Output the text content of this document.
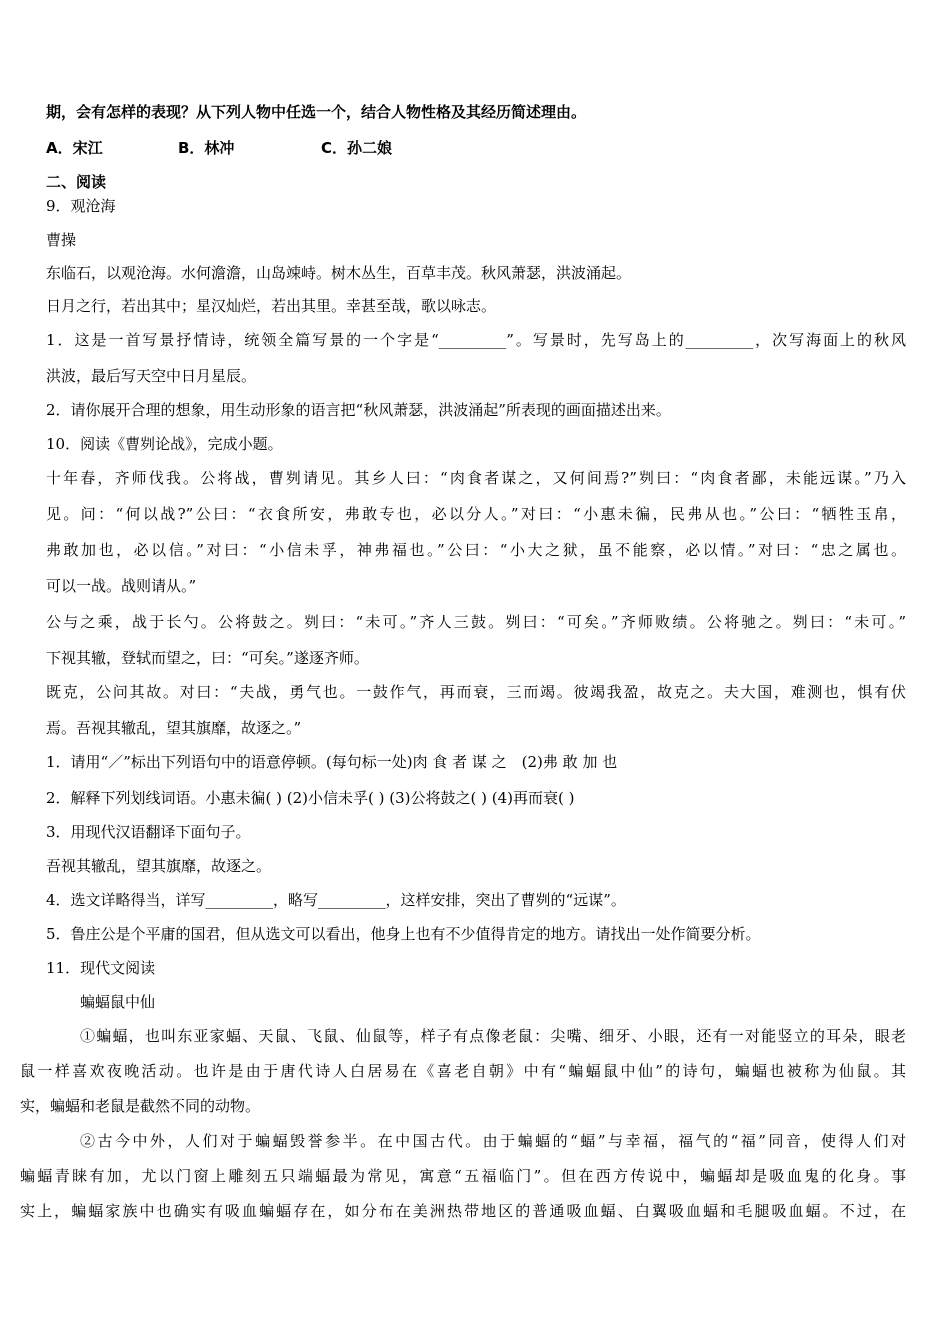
期，会有怎样的表现？从下列人物中任选一个，结合人物性格及其经历简述理由。
A．宋江	B．林冲	C．孙二娘
二、阅读
9．观沧海
曹操
东临石，以观沧海。水何澹澹，山岛竦峙。树木丛生，百草丰茂。秋风萧瑟，洪波涌起。
日月之行，若出其中；星汉灿烂，若出其里。幸甚至哉，歌以咏志。
1．这是一首写景抒情诗，统领全篇写景的一个字是“_________”。写景时，先写岛上的_________，次写海面上的秋风
洪波，最后写天空中日月星辰。
2．请你展开合理的想象，用生动形象的语言把“秋风萧瑟，洪波涌起”所表现的画面描述出来。
10．阅读《曹刿论战》，完成小题。
十年春，齐师伐我。公将战，曹刿请见。其乡人曰：“肉食者谋之，又何间焉?”刿曰：“肉食者鄙，未能远谋。”乃入
见。问：“何以战?”公曰：“衣食所安，弗敢专也，必以分人。”对曰：“小惠未徧，民弗从也。”公曰：“牺牲玉帛，
弗敢加也，必以信。”对曰：“小信未孚，神弗福也。”公曰：“小大之狱，虽不能察，必以情。”对曰：“忠之属也。
可以一战。战则请从。”
公与之乘，战于长勺。公将鼓之。刿曰：“未可。”齐人三鼓。刿曰：“可矣。”齐师败绩。公将驰之。刿曰：“未可。”
下视其辙，登轼而望之，曰：“可矣。”遂逐齐师。
既克，公问其故。对曰：“夫战，勇气也。一鼓作气，再而衰，三而竭。彼竭我盈，故克之。夫大国，难测也，惧有伏
焉。吾视其辙乱，望其旗靡，故逐之。”
1．请用“／”标出下列语句中的语意停顿。(每句标一处)肉 食 者 谋 之　(2)弗 敢 加 也
2．解释下列划线词语。小惠未徧( ) (2)小信未孚( ) (3)公将鼓之( ) (4)再而衰( )
3．用现代汉语翻译下面句子。
吾视其辙乱，望其旗靡，故逐之。
4．选文详略得当，详写_________，略写_________，这样安排，突出了曹刿的“远谋”。
5．鲁庄公是个平庸的国君，但从选文可以看出，他身上也有不少值得肯定的地方。请找出一处作简要分析。
11．现代文阅读
蝙蝠鼠中仙
①蝙蝠，也叫东亚家蝠、天鼠、飞鼠、仙鼠等，样子有点像老鼠：尖嘴、细牙、小眼，还有一对能竖立的耳朵，眼老
鼠一样喜欢夜晚活动。也许是由于唐代诗人白居易在《喜老自朝》中有“蝙蝠鼠中仙”的诗句，蝙蝠也被称为仙鼠。其
实，蝙蝠和老鼠是截然不同的动物。
②古今中外，人们对于蝙蝠毁誉参半。在中国古代。由于蝙蝠的“蝠”与幸福，福气的“福”同音，使得人们对
蝙蝠青睐有加，尤以门窗上雕刻五只端蝠最为常见，寓意“五福临门”。但在西方传说中，蝙蝠却是吸血鬼的化身。事
实上，蝙蝠家族中也确实有吸血蝙蝠存在，如分布在美洲热带地区的普通吸血蝠、白翼吸血蝠和毛腿吸血蝠。不过，在
